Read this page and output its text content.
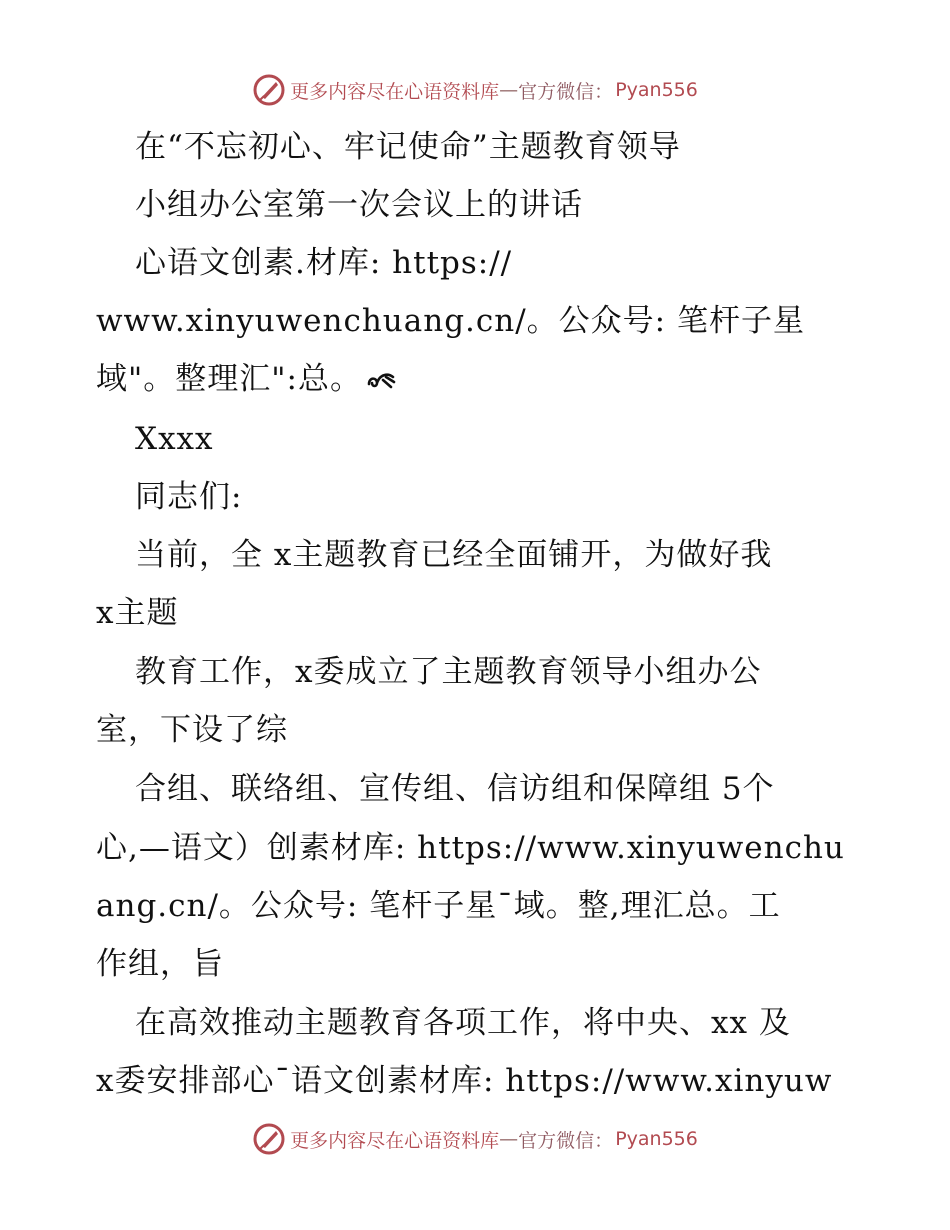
更多内容尽在心语资料库 — 官方微信： Pyan556
在“不忘初心、牢记使命”主题教育领导
小组办公室第一次会议上的讲话
心语文创素.材库: https://
www.xinyuwenchuang.cn/。公众号: 笔杆子星
域"。整理汇":总。
Xxxx
同志们:
当前，全 x主题教育已经全面铺开，为做好我
x主题
教育工作，x委成立了主题教育领导小组办公
室，下设了综
合组、联络组、宣传组、信访组和保障组 5个
心,—语文）创素材库: https://www.xinyuwenchu
ang.cn/。公众号: 笔杆子星¯域。整,理汇总。工
作组，旨
在高效推动主题教育各项工作，将中央、xx 及
x委安排部心¯语文创素材库: https://www.xinyuw
更多内容尽在心语资料库 — 官方微信： Pyan556
